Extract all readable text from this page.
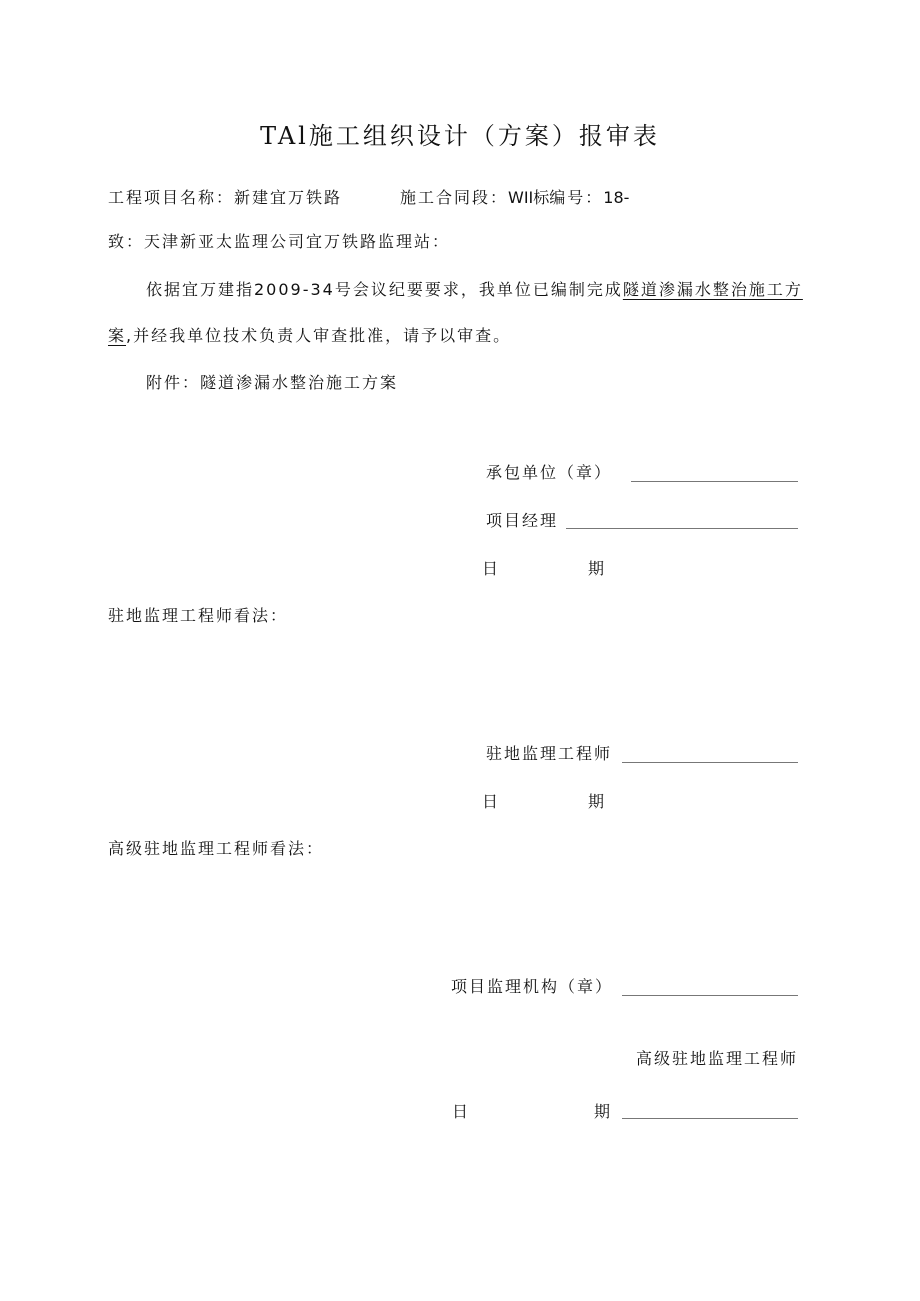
TAl施工组织设计（方案）报审表
工程项目名称：新建宜万铁路	施工合同段：WII标编号：18-
致：天津新亚太监理公司宜万铁路监理站：
依据宜万建指2009-34号会议纪要要求，我单位已编制完成隧道渗漏水整治施工方
案,并经我单位技术负责人审查批准，请予以审查。
附件：隧道渗漏水整治施工方案
承包单位（章）
项目经理
日	期
驻地监理工程师看法：
驻地监理工程师
日	期
高级驻地监理工程师看法：
项目监理机构（章）
高级驻地监理工程师
日	期
